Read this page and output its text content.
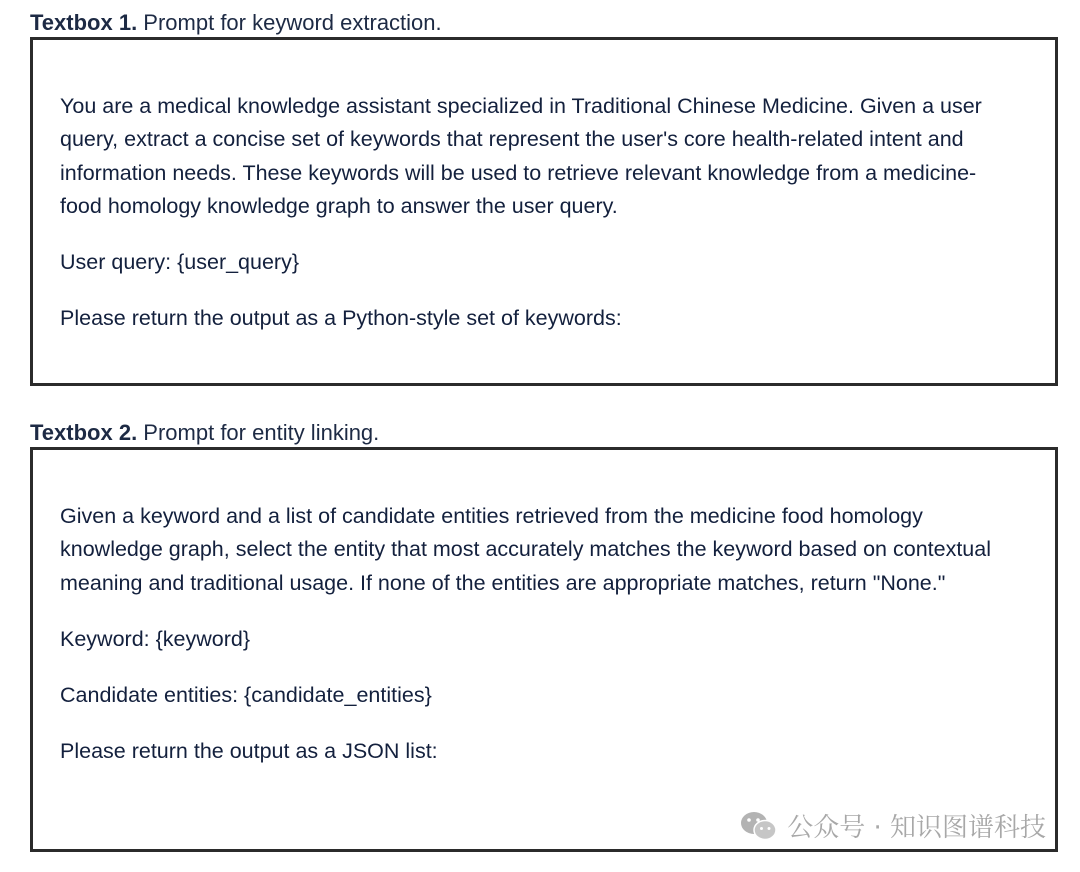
Textbox 1. Prompt for keyword extraction.

You are a medical knowledge assistant specialized in Traditional Chinese Medicine. Given a user query, extract a concise set of keywords that represent the user's core health-related intent and information needs. These keywords will be used to retrieve relevant knowledge from a medicine-food homology knowledge graph to answer the user query.

User query: {user_query}

Please return the output as a Python-style set of keywords:

Textbox 2. Prompt for entity linking.

Given a keyword and a list of candidate entities retrieved from the medicine food homology knowledge graph, select the entity that most accurately matches the keyword based on contextual meaning and traditional usage. If none of the entities are appropriate matches, return "None."

Keyword: {keyword}

Candidate entities: {candidate_entities}

Please return the output as a JSON list:

公众号 · 知识图谱科技
